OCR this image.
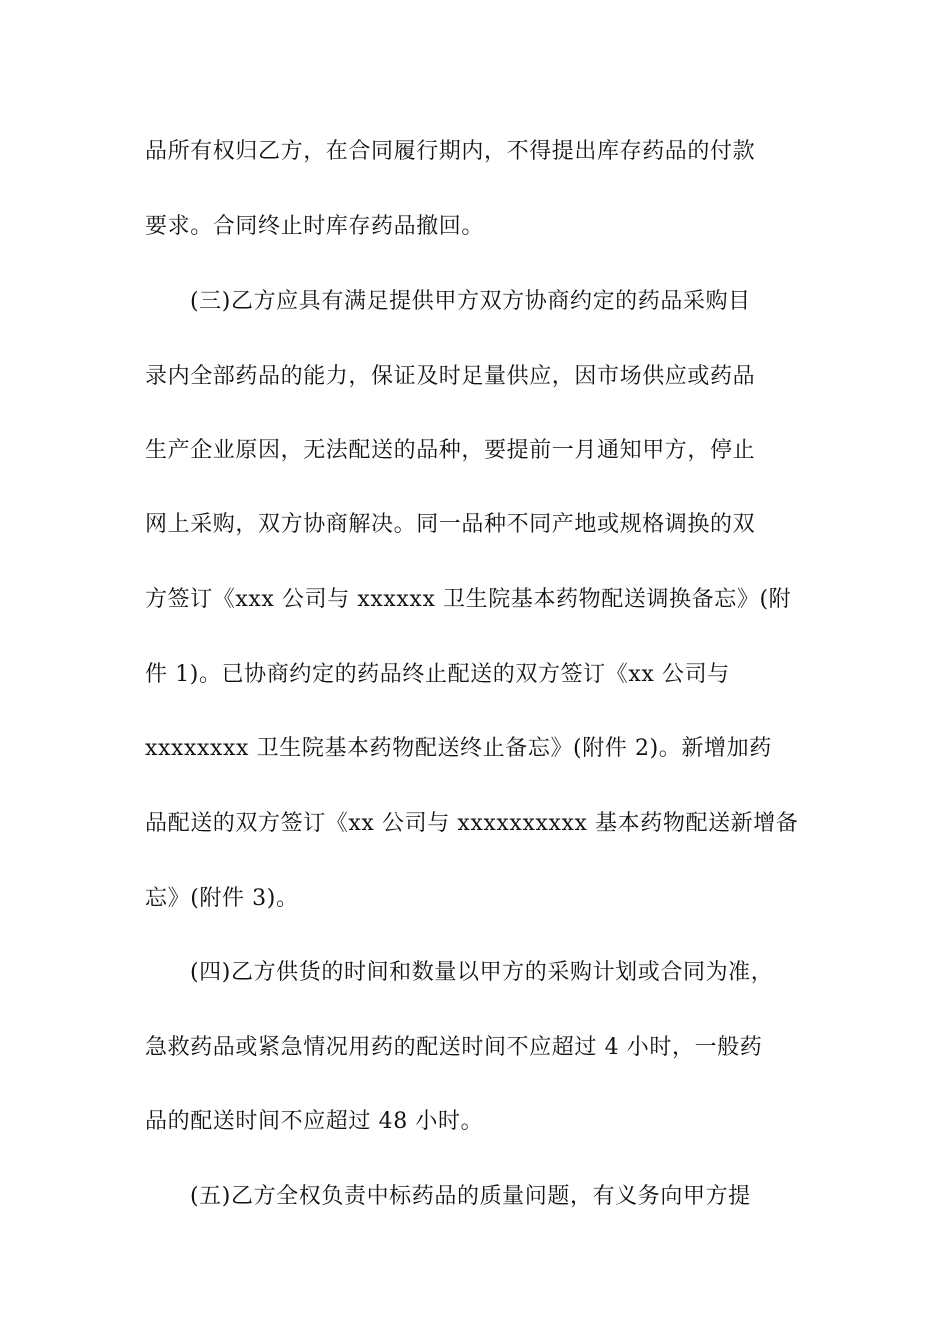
品所有权归乙方，在合同履行期内，不得提出库存药品的付款
要求。合同终止时库存药品撤回。
(三)乙方应具有满足提供甲方双方协商约定的药品采购目
录内全部药品的能力，保证及时足量供应，因市场供应或药品
生产企业原因，无法配送的品种，要提前一月通知甲方，停止
网上采购，双方协商解决。同一品种不同产地或规格调换的双
方签订《xxx 公司与 xxxxxx 卫生院基本药物配送调换备忘》(附
件 1)。已协商约定的药品终止配送的双方签订《xx 公司与
xxxxxxxx 卫生院基本药物配送终止备忘》(附件 2)。新增加药
品配送的双方签订《xx 公司与 xxxxxxxxxx 基本药物配送新增备
忘》(附件 3)。
(四)乙方供货的时间和数量以甲方的采购计划或合同为准，
急救药品或紧急情况用药的配送时间不应超过 4 小时，一般药
品的配送时间不应超过 48 小时。
(五)乙方全权负责中标药品的质量问题，有义务向甲方提
